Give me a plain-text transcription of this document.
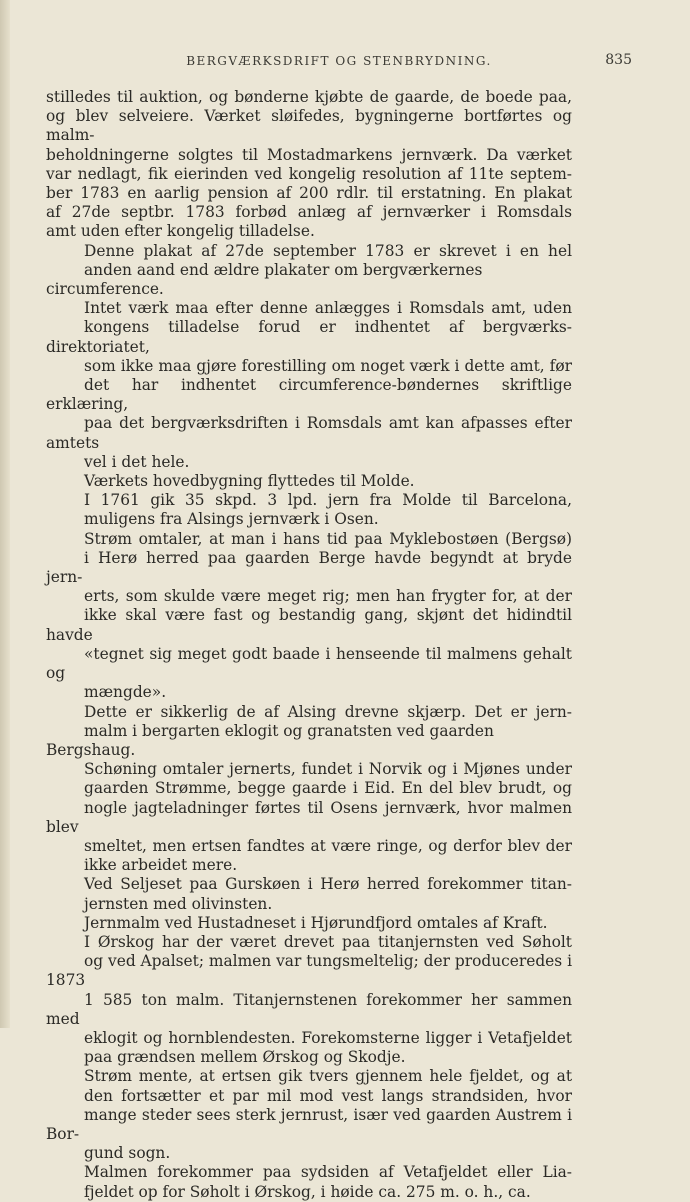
BERGVÆRKSDRIFT OG STENBRYDNING.	835

stilledes til auktion, og bønderne kjøbte de gaarde, de boede paa,
og blev selveiere. Værket sløifedes, bygningerne bortførtes og malm-
beholdningerne solgtes til Mostadmarkens jernværk. Da værket
var nedlagt, fik eierinden ved kongelig resolution af 11te septem-
ber 1783 en aarlig pension af 200 rdlr. til erstatning. En plakat
af 27de septbr. 1783 forbød anlæg af jernværker i Romsdals
amt uden efter kongelig tilladelse.

Denne plakat af 27de september 1783 er skrevet i en hel
anden aand end ældre plakater om bergværkernes circumference.

Intet værk maa efter denne anlægges i Romsdals amt, uden
kongens tilladelse forud er indhentet af bergværks-direktoriatet,
som ikke maa gjøre forestilling om noget værk i dette amt, før
det har indhentet circumference-bøndernes skriftlige erklæring,
paa det bergværksdriften i Romsdals amt kan afpasses efter amtets
vel i det hele.

Værkets hovedbygning flyttedes til Molde.

I 1761 gik 35 skpd. 3 lpd. jern fra Molde til Barcelona,
muligens fra Alsings jernværk i Osen.

Strøm omtaler, at man i hans tid paa Myklebostøen (Bergsø)
i Herø herred paa gaarden Berge havde begyndt at bryde jern-
erts, som skulde være meget rig; men han frygter for, at der
ikke skal være fast og bestandig gang, skjønt det hidindtil havde
«tegnet sig meget godt baade i henseende til malmens gehalt og
mængde».

Dette er sikkerlig de af Alsing drevne skjærp. Det er jern-
malm i bergarten eklogit og granatsten ved gaarden Bergshaug.

Schøning omtaler jernerts, fundet i Norvik og i Mjønes under
gaarden Strømme, begge gaarde i Eid. En del blev brudt, og
nogle jagteladninger førtes til Osens jernværk, hvor malmen blev
smeltet, men ertsen fandtes at være ringe, og derfor blev der
ikke arbeidet mere.

Ved Seljeset paa Gurskøen i Herø herred forekommer titan-
jernsten med olivinsten.

Jernmalm ved Hustadneset i Hjørundfjord omtales af Kraft.

I Ørskog har der været drevet paa titanjernsten ved Søholt
og ved Apalset; malmen var tungsmeltelig; der produceredes i 1873
1 585 ton malm. Titanjernstenen forekommer her sammen med
eklogit og hornblendesten. Forekomsterne ligger i Vetafjeldet
paa grændsen mellem Ørskog og Skodje.

Strøm mente, at ertsen gik tvers gjennem hele fjeldet, og at
den fortsætter et par mil mod vest langs strandsiden, hvor
mange steder sees sterk jernrust, især ved gaarden Austrem i Bor-
gund sogn.

Malmen forekommer paa sydsiden af Vetafjeldet eller Lia-
fjeldet op for Søholt i Ørskog, i høide ca. 275 m. o. h., ca.
